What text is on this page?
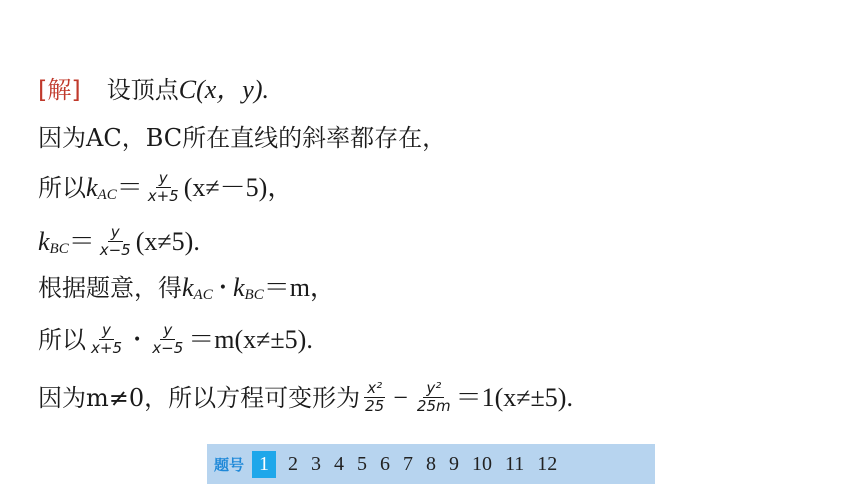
[解] 设顶点 C(x，y).
因为AC，BC所在直线的斜率都存在，
所以 k AC ＝ $\frac{y}{x+5} (x\ne-5)$，
k BC ＝ $\frac{y}{x-5} (x\ne 5)$.
根据题意，得 k AC • k BC ＝m，
所以 $\frac{y}{x+5}$ • $\frac{y}{x-5} =m(x\ne\pm 5)$.
因为m≠0，所以方程可变形为 $\frac{\text{x²}}{25} - \frac{\text{y²}}{25m} =1(x\ne\pm 5)$.
题号 1 2 3 4 5 6 7 8 9 10 11 12
